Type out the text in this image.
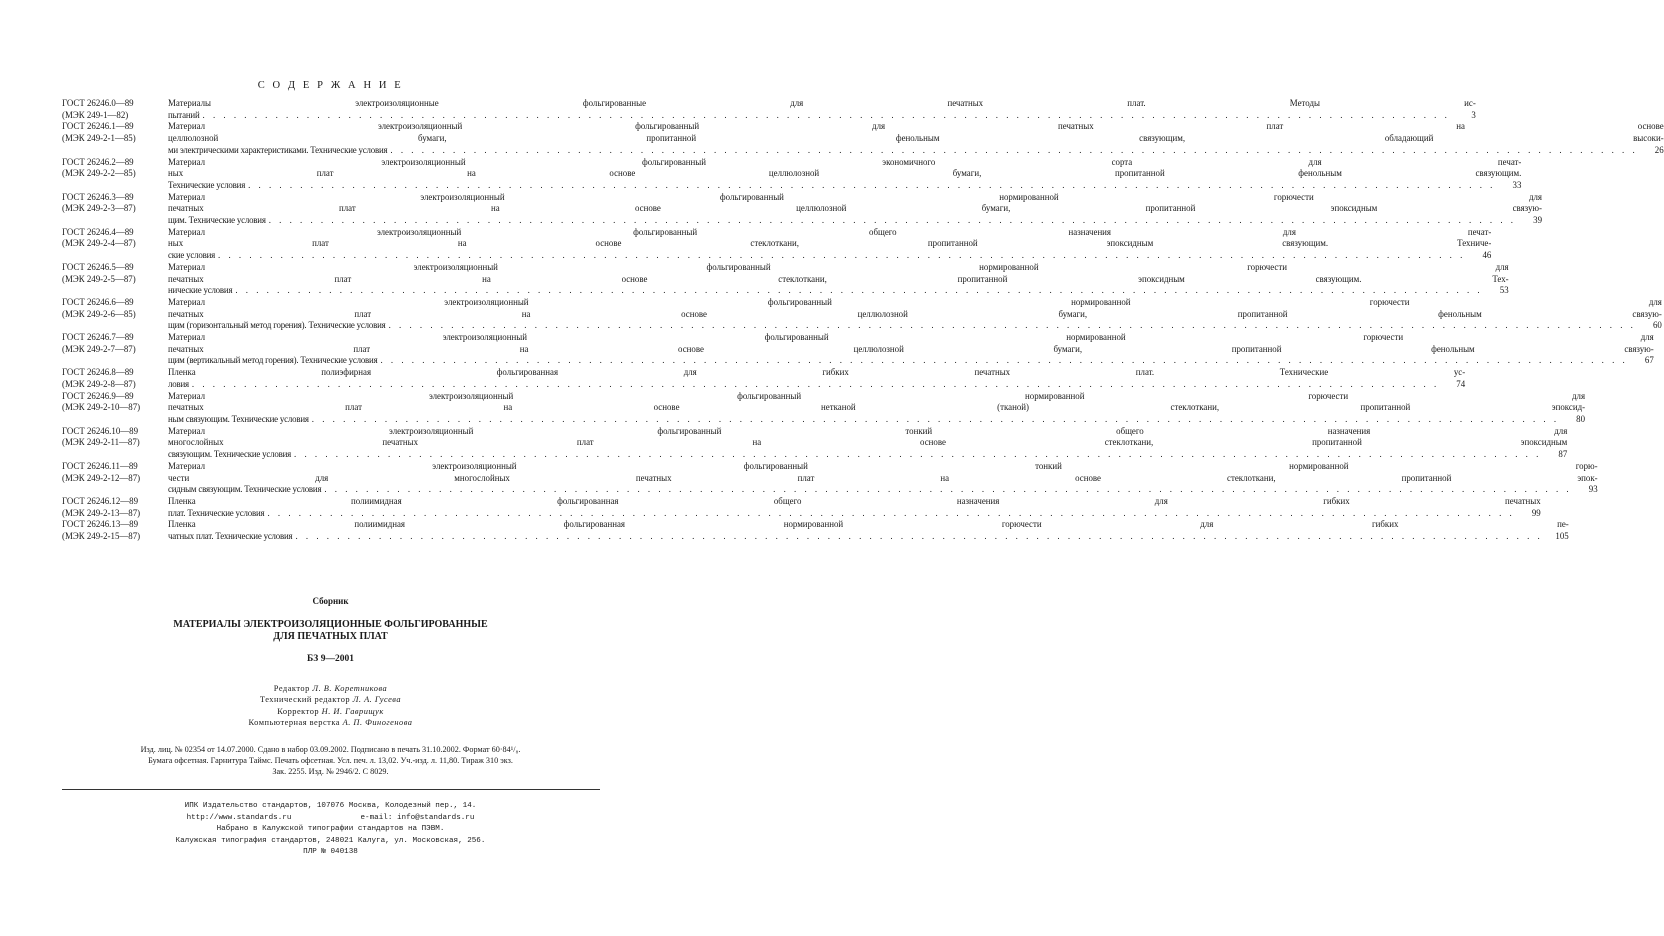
С О Д Е Р Ж А Н И Е
ГОСТ 26246.0—89
(МЭК 249-1—82)
Материалы электроизоляционные фольгированные для печатных плат. Методы ис-
пытаний . . . . . . . . . . . . . . . . . . . . . . . . . . . . . . . . . . . . . . . . . . . . . . . . . . . . . . . . . . . . . . . . . . . . . . . . . . . . . . . . . . . . . . . . . . . . . . . . . . . . . . . . . . . . . . . . . . . . . . . .	3
ГОСТ 26246.1—89
(МЭК 249-2-1—85)
Материал электроизоляционный фольгированный для печатных плат на основе
целлюлозной бумаги, пропитанной фенольным связующим, обладающий высоки-
ми электрическими характеристиками. Технические условия . . . . . . . . . . . . . . . . . . . . . . . . . . . . . . . . . . . . . . . . . . . . . . . . . . . . . . . . . . . . . . . . . . . . . . . . . . . . . . . . . . . . . . . . . . . . . . . . . . . . . . . . . . . . . . . . . . . . . . . .	26
ГОСТ 26246.2—89
(МЭК 249-2-2—85)
Материал электроизоляционный фольгированный экономичного сорта для печат-
ных плат на основе целлюлозной бумаги, пропитанной фенольным связующим.
Технические условия . . . . . . . . . . . . . . . . . . . . . . . . . . . . . . . . . . . . . . . . . . . . . . . . . . . . . . . . . . . . . . . . . . . . . . . . . . . . . . . . . . . . . . . . . . . . . . . . . . . . . . . . . . . . . . . . . . . . . . . .	33
ГОСТ 26246.3—89
(МЭК 249-2-3—87)
Материал электроизоляционный фольгированный нормированной горючести для
печатных плат на основе целлюлозной бумаги, пропитанной эпоксидным связую-
щим. Технические условия . . . . . . . . . . . . . . . . . . . . . . . . . . . . . . . . . . . . . . . . . . . . . . . . . . . . . . . . . . . . . . . . . . . . . . . . . . . . . . . . . . . . . . . . . . . . . . . . . . . . . . . . . . . . . . . . . . . . . . . .	39
ГОСТ 26246.4—89
(МЭК 249-2-4—87)
Материал электроизоляционный фольгированный общего назначения для печат-
ных плат на основе стеклоткани, пропитанной эпоксидным связующим. Техниче-
ские условия . . . . . . . . . . . . . . . . . . . . . . . . . . . . . . . . . . . . . . . . . . . . . . . . . . . . . . . . . . . . . . . . . . . . . . . . . . . . . . . . . . . . . . . . . . . . . . . . . . . . . . . . . . . . . . . . . . . . . . . .	46
ГОСТ 26246.5—89
(МЭК 249-2-5—87)
Материал электроизоляционный фольгированный нормированной горючести для
печатных плат на основе стеклоткани, пропитанной эпоксидным связующим. Тех-
нические условия . . . . . . . . . . . . . . . . . . . . . . . . . . . . . . . . . . . . . . . . . . . . . . . . . . . . . . . . . . . . . . . . . . . . . . . . . . . . . . . . . . . . . . . . . . . . . . . . . . . . . . . . . . . . . . . . . . . . . . . .	53
ГОСТ 26246.6—89
(МЭК 249-2-6—85)
Материал электроизоляционный фольгированный нормированной горючести для
печатных плат на основе целлюлозной бумаги, пропитанной фенольным связую-
щим (горизонтальный метод горения). Технические условия . . . . . . . . . . . . . . . . . . . . . . . . . . . . . . . . . . . . . . . . . . . . . . . . . . . . . . . . . . . . . . . . . . . . . . . . . . . . . . . . . . . . . . . . . . . . . . . . . . . . . . . . . . . . . . . . . . . . . . . .	60
ГОСТ 26246.7—89
(МЭК 249-2-7—87)
Материал электроизоляционный фольгированный нормированной горючести для
печатных плат на основе целлюлозной бумаги, пропитанной фенольным связую-
щим (вертикальный метод горения). Технические условия . . . . . . . . . . . . . . . . . . . . . . . . . . . . . . . . . . . . . . . . . . . . . . . . . . . . . . . . . . . . . . . . . . . . . . . . . . . . . . . . . . . . . . . . . . . . . . . . . . . . . . . . . . . . . . . . . . . . . . . .	67
ГОСТ 26246.8—89
(МЭК 249-2-8—87)
Пленка полиэфирная фольгированная для гибких печатных плат. Технические ус-
ловия . . . . . . . . . . . . . . . . . . . . . . . . . . . . . . . . . . . . . . . . . . . . . . . . . . . . . . . . . . . . . . . . . . . . . . . . . . . . . . . . . . . . . . . . . . . . . . . . . . . . . . . . . . . . . . . . . . . . . . . .	74
ГОСТ 26246.9—89
(МЭК 249-2-10—87)
Материал электроизоляционный фольгированный нормированной горючести для
печатных плат на основе нетканой (тканой) стеклоткани, пропитанной эпоксид-
ным связующим. Технические условия . . . . . . . . . . . . . . . . . . . . . . . . . . . . . . . . . . . . . . . . . . . . . . . . . . . . . . . . . . . . . . . . . . . . . . . . . . . . . . . . . . . . . . . . . . . . . . . . . . . . . . . . . . . . . . . . . . . . . . . .	80
ГОСТ 26246.10—89
(МЭК 249-2-11—87)
Материал электроизоляционный фольгированный тонкий общего назначения для
многослойных печатных плат на основе стеклоткани, пропитанной эпоксидным
связующим. Технические условия . . . . . . . . . . . . . . . . . . . . . . . . . . . . . . . . . . . . . . . . . . . . . . . . . . . . . . . . . . . . . . . . . . . . . . . . . . . . . . . . . . . . . . . . . . . . . . . . . . . . . . . . . . . . . . . . . . . . . . . .	87
ГОСТ 26246.11—89
(МЭК 249-2-12—87)
Материал электроизоляционный фольгированный тонкий нормированной горю-
чести для многослойных печатных плат на основе стеклоткани, пропитанной эпок-
сидным связующим. Технические условия . . . . . . . . . . . . . . . . . . . . . . . . . . . . . . . . . . . . . . . . . . . . . . . . . . . . . . . . . . . . . . . . . . . . . . . . . . . . . . . . . . . . . . . . . . . . . . . . . . . . . . . . . . . . . . . . . . . . . . . .	93
ГОСТ 26246.12—89
(МЭК 249-2-13—87)
Пленка полиимидная фольгированная общего назначения для гибких печатных
плат. Технические условия . . . . . . . . . . . . . . . . . . . . . . . . . . . . . . . . . . . . . . . . . . . . . . . . . . . . . . . . . . . . . . . . . . . . . . . . . . . . . . . . . . . . . . . . . . . . . . . . . . . . . . . . . . . . . . . . . . . . . . . .	99
ГОСТ 26246.13—89
(МЭК 249-2-15—87)
Пленка полиимидная фольгированная нормированной горючести для гибких пе-
чатных плат. Технические условия . . . . . . . . . . . . . . . . . . . . . . . . . . . . . . . . . . . . . . . . . . . . . . . . . . . . . . . . . . . . . . . . . . . . . . . . . . . . . . . . . . . . . . . . . . . . . . . . . . . . . . . . . . . . . . . . . . . . . . . .	105
Сборник
МАТЕРИАЛЫ ЭЛЕКТРОИЗОЛЯЦИОННЫЕ ФОЛЬГИРОВАННЫЕ
ДЛЯ ПЕЧАТНЫХ ПЛАТ
БЗ 9—2001
Редактор Л. В. Коретникова
Технический редактор Л. А. Гусева
Корректор Н. И. Гаврищук
Компьютерная верстка А. П. Финогенова
Изд. лиц. № 02354 от 14.07.2000. Сдано в набор 03.09.2002. Подписано в печать 31.10.2002. Формат 60·84¹/₈.
Бумага офсетная. Гарнитура Таймс. Печать офсетная. Усл. печ. л. 13,02. Уч.-изд. л. 11,80. Тираж 310 экз.
Зак. 2255. Изд. № 2946/2. С 8029.
ИПК Издательство стандартов, 107076 Москва, Колодезный пер., 14.
http://www.standards.ru	e-mail: info@standards.ru
Набрано в Калужской типографии стандартов на ПЭВМ.
Калужская типография стандартов, 248021 Калуга, ул. Московская, 256.
ПЛР № 040138
